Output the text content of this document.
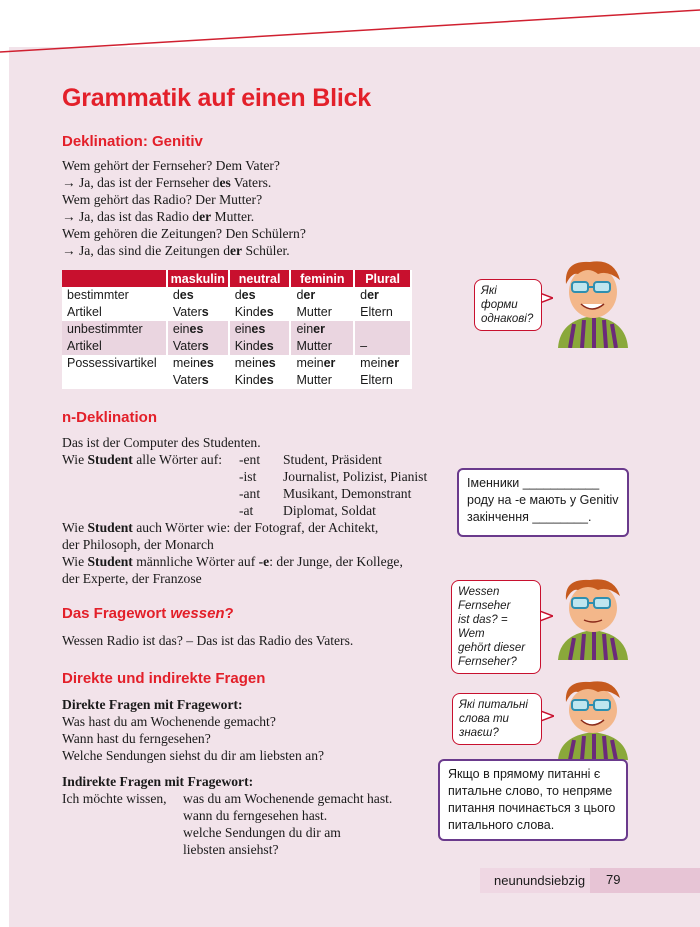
Grammatik auf einen Blick
Deklination: Genitiv
Wem gehört der Fernseher? Dem Vater?
→ Ja, das ist der Fernseher des Vaters.
Wem gehört das Radio? Der Mutter?
→ Ja, das ist das Radio der Mutter.
Wem gehören die Zeitungen? Den Schülern?
→ Ja, das sind die Zeitungen der Schüler.
	maskulin	neutral	feminin	Plural
bestimmter	des	des	der	der
Artikel	Vaters	Kindes	Mutter	Eltern
unbestimmter	eines	eines	einer	
Artikel	Vaters	Kindes	Mutter	–
Possessivartikel	meines	meines	meiner	meiner
	Vaters	Kindes	Mutter	Eltern
n-Deklination
Das ist der Computer des Studenten.
Wie Student alle Wörter auf: -ent Student, Präsident
-ist Journalist, Polizist, Pianist
-ant Musikant, Demonstrant
-at Diplomat, Soldat
Wie Student auch Wörter wie: der Fotograf, der Achitekt,
der Philosoph, der Monarch
Wie Student männliche Wörter auf -e: der Junge, der Kollege,
der Experte, der Franzose
Das Fragewort wessen?
Wessen Radio ist das? – Das ist das Radio des Vaters.
Direkte und indirekte Fragen
Direkte Fragen mit Fragewort:
Was hast du am Wochenende gemacht?
Wann hast du ferngesehen?
Welche Sendungen siehst du dir am liebsten an?
Indirekte Fragen mit Fragewort:
Ich möchte wissen, was du am Wochenende gemacht hast.
wann du ferngesehen hast.
welche Sendungen du dir am
liebsten ansiehst?
Які форми
однакові?
Іменники ___________
роду на -е мають у Genitiv
закінчення ________.
Wessen Fernseher
ist das? = Wem
gehört dieser
Fernseher?
Які питальні
слова ти знаєш?
Якщо в прямому питанні є
питальне слово, то непряме
питання починається з цього
питального слова.
neunundsiebzig 79
